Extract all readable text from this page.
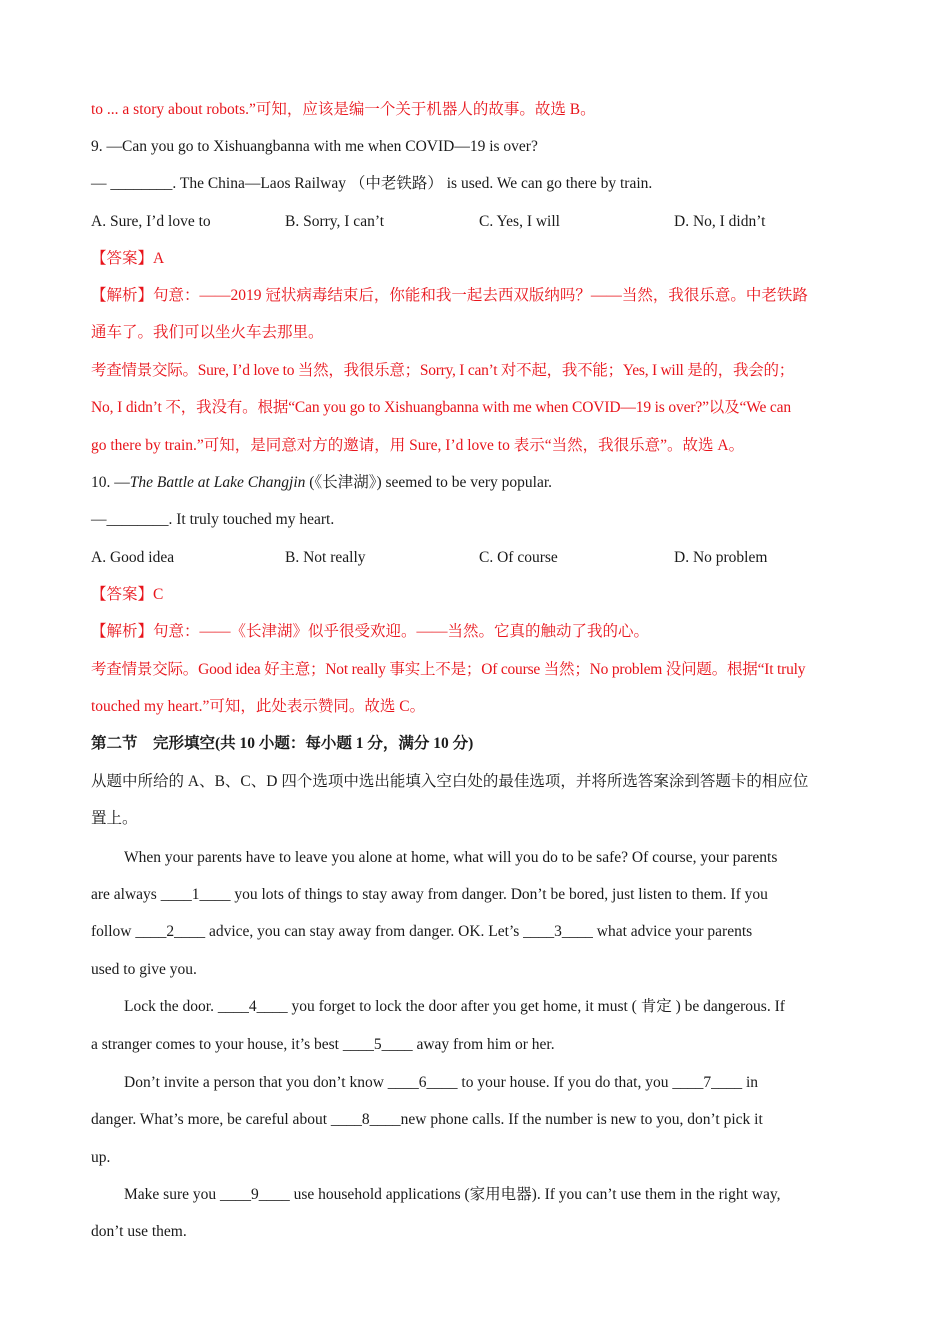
to ... a story about robots.”可知，应该是编一个关于机器人的故事。故选 B。
9. —Can you go to Xishuangbanna with me when COVID—19 is over?
— ________. The China—Laos Railway （中老铁路） is used. We can go there by train.
A. Sure, I’d love to	B. Sorry, I can’t	C. Yes, I will	D. No, I didn’t
【答案】A
【解析】句意：——2019 冠状病毒结束后，你能和我一起去西双版纳吗？——当然，我很乐意。中老铁路
通车了。我们可以坐火车去那里。
考查情景交际。Sure, I’d love to 当然，我很乐意；Sorry, I can’t 对不起，我不能；Yes, I will 是的，我会的；
No, I didn’t 不，我没有。根据“Can you go to Xishuangbanna with me when COVID—19 is over?”以及“We can
go there by train.”可知，是同意对方的邀请，用 Sure, I’d love to 表示“当然，我很乐意”。故选 A。
10. —The Battle at Lake Changjin (《长津湖》) seemed to be very popular.
—________. It truly touched my heart.
A. Good idea	B. Not really	C. Of course	D. No problem
【答案】C
【解析】句意：——《长津湖》似乎很受欢迎。——当然。它真的触动了我的心。
考查情景交际。Good idea 好主意；Not really 事实上不是；Of course 当然；No problem 没问题。根据“It truly
touched my heart.”可知，此处表示赞同。故选 C。
第二节　完形填空(共 10 小题：每小题 1 分，满分 10 分)
从题中所给的 A、B、C、D 四个选项中选出能填入空白处的最佳选项，并将所选答案涂到答题卡的相应位
置上。
When your parents have to leave you alone at home, what will you do to be safe? Of course, your parents
are always ____1____ you lots of things to stay away from danger. Don’t be bored, just listen to them. If you
follow ____2____ advice, you can stay away from danger. OK. Let’s ____3____ what advice your parents
used to give you.
Lock the door. ____4____ you forget to lock the door after you get home, it must ( 肯定 ) be dangerous. If
a stranger comes to your house, it’s best ____5____ away from him or her.
Don’t invite a person that you don’t know ____6____ to your house. If you do that, you ____7____ in
danger. What’s more, be careful about ____8____new phone calls. If the number is new to you, don’t pick it
up.
Make sure you ____9____ use household applications (家用电器). If you can’t use them in the right way,
don’t use them.
